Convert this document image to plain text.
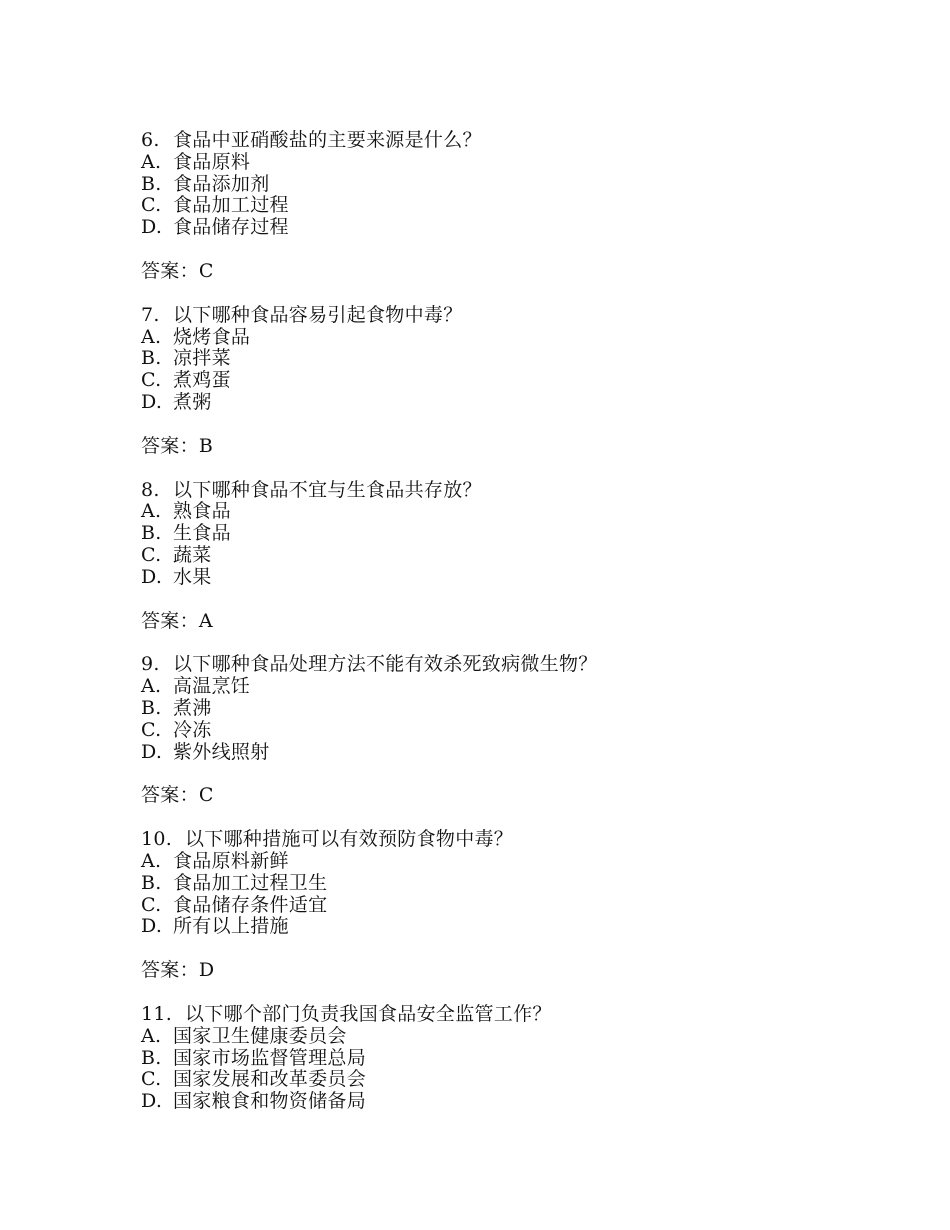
6. 食品中亚硝酸盐的主要来源是什么？
A. 食品原料
B. 食品添加剂
C. 食品加工过程
D. 食品储存过程
答案：C
7. 以下哪种食品容易引起食物中毒？
A. 烧烤食品
B. 凉拌菜
C. 煮鸡蛋
D. 煮粥
答案：B
8. 以下哪种食品不宜与生食品共存放？
A. 熟食品
B. 生食品
C. 蔬菜
D. 水果
答案：A
9. 以下哪种食品处理方法不能有效杀死致病微生物？
A. 高温烹饪
B. 煮沸
C. 冷冻
D. 紫外线照射
答案：C
10. 以下哪种措施可以有效预防食物中毒？
A. 食品原料新鲜
B. 食品加工过程卫生
C. 食品储存条件适宜
D. 所有以上措施
答案：D
11. 以下哪个部门负责我国食品安全监管工作？
A. 国家卫生健康委员会
B. 国家市场监督管理总局
C. 国家发展和改革委员会
D. 国家粮食和物资储备局
